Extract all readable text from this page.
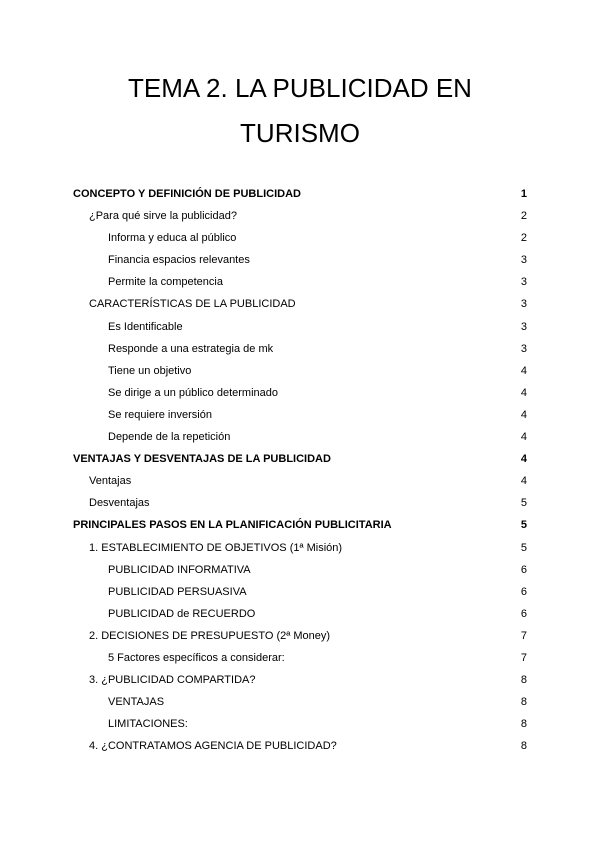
TEMA 2. LA PUBLICIDAD EN
TURISMO
CONCEPTO Y DEFINICIÓN DE PUBLICIDAD	1
¿Para qué sirve la publicidad?	2
Informa y educa al público	2
Financia espacios relevantes	3
Permite la competencia	3
CARACTERÍSTICAS DE LA PUBLICIDAD	3
Es Identificable	3
Responde a una estrategia de mk	3
Tiene un objetivo	4
Se dirige a un público determinado	4
Se requiere inversión	4
Depende de la repetición	4
VENTAJAS Y DESVENTAJAS DE LA PUBLICIDAD	4
Ventajas	4
Desventajas	5
PRINCIPALES PASOS EN LA PLANIFICACIÓN PUBLICITARIA	5
1. ESTABLECIMIENTO DE OBJETIVOS (1ª Misión)	5
PUBLICIDAD INFORMATIVA	6
PUBLICIDAD PERSUASIVA	6
PUBLICIDAD de RECUERDO	6
2. DECISIONES DE PRESUPUESTO (2ª Money)	7
5 Factores específicos a considerar:	7
3. ¿PUBLICIDAD COMPARTIDA?	8
VENTAJAS	8
LIMITACIONES:	8
4. ¿CONTRATAMOS AGENCIA DE PUBLICIDAD?	8
